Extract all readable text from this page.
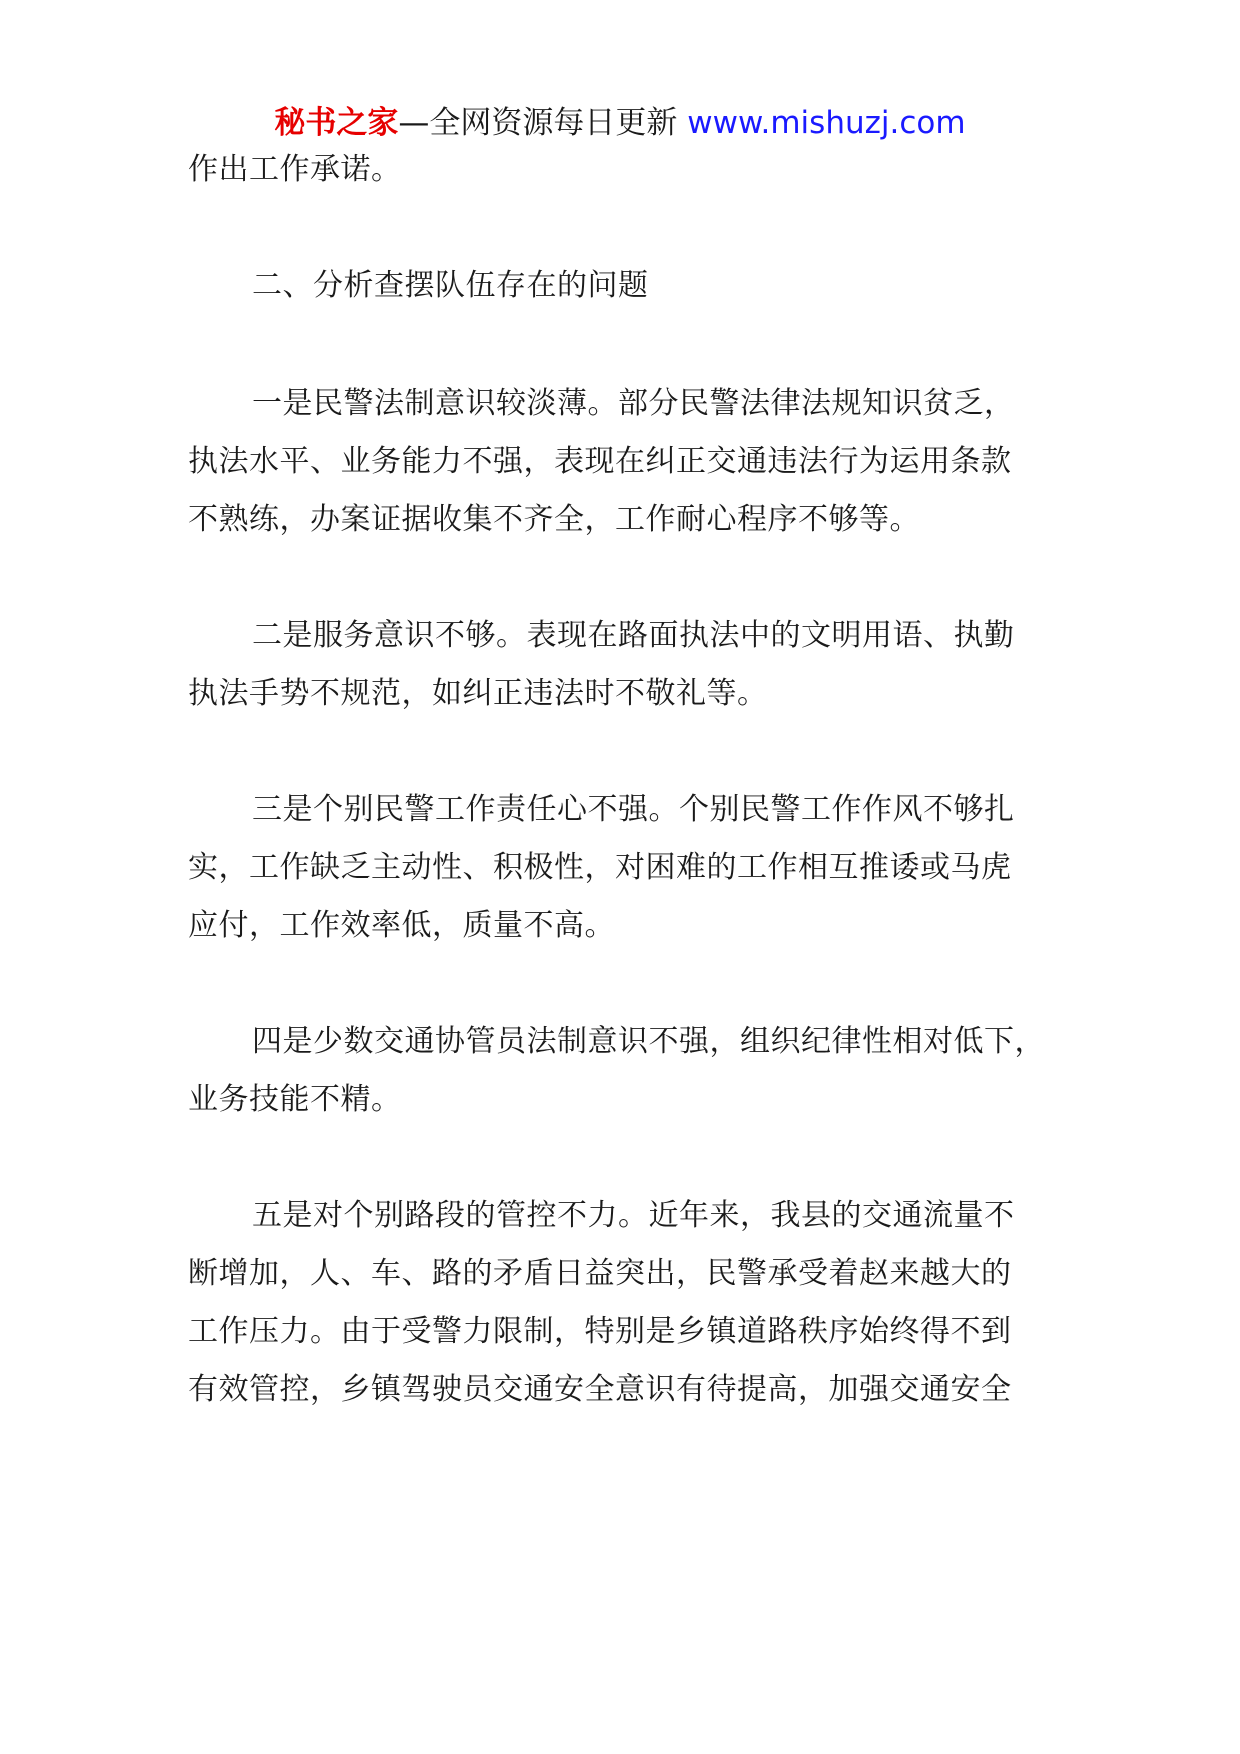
秘书之家—全网资源每日更新 www.mishuzj.com
作出工作承诺。
二、分析查摆队伍存在的问题
一是民警法制意识较淡薄。部分民警法律法规知识贫乏，
执法水平、业务能力不强，表现在纠正交通违法行为运用条款
不熟练，办案证据收集不齐全，工作耐心程序不够等。
二是服务意识不够。表现在路面执法中的文明用语、执勤
执法手势不规范，如纠正违法时不敬礼等。
三是个别民警工作责任心不强。个别民警工作作风不够扎
实，工作缺乏主动性、积极性，对困难的工作相互推诿或马虎
应付，工作效率低，质量不高。
四是少数交通协管员法制意识不强，组织纪律性相对低下，
业务技能不精。
五是对个别路段的管控不力。近年来，我县的交通流量不
断增加，人、车、路的矛盾日益突出，民警承受着赵来越大的
工作压力。由于受警力限制，特别是乡镇道路秩序始终得不到
有效管控，乡镇驾驶员交通安全意识有待提高，加强交通安全
